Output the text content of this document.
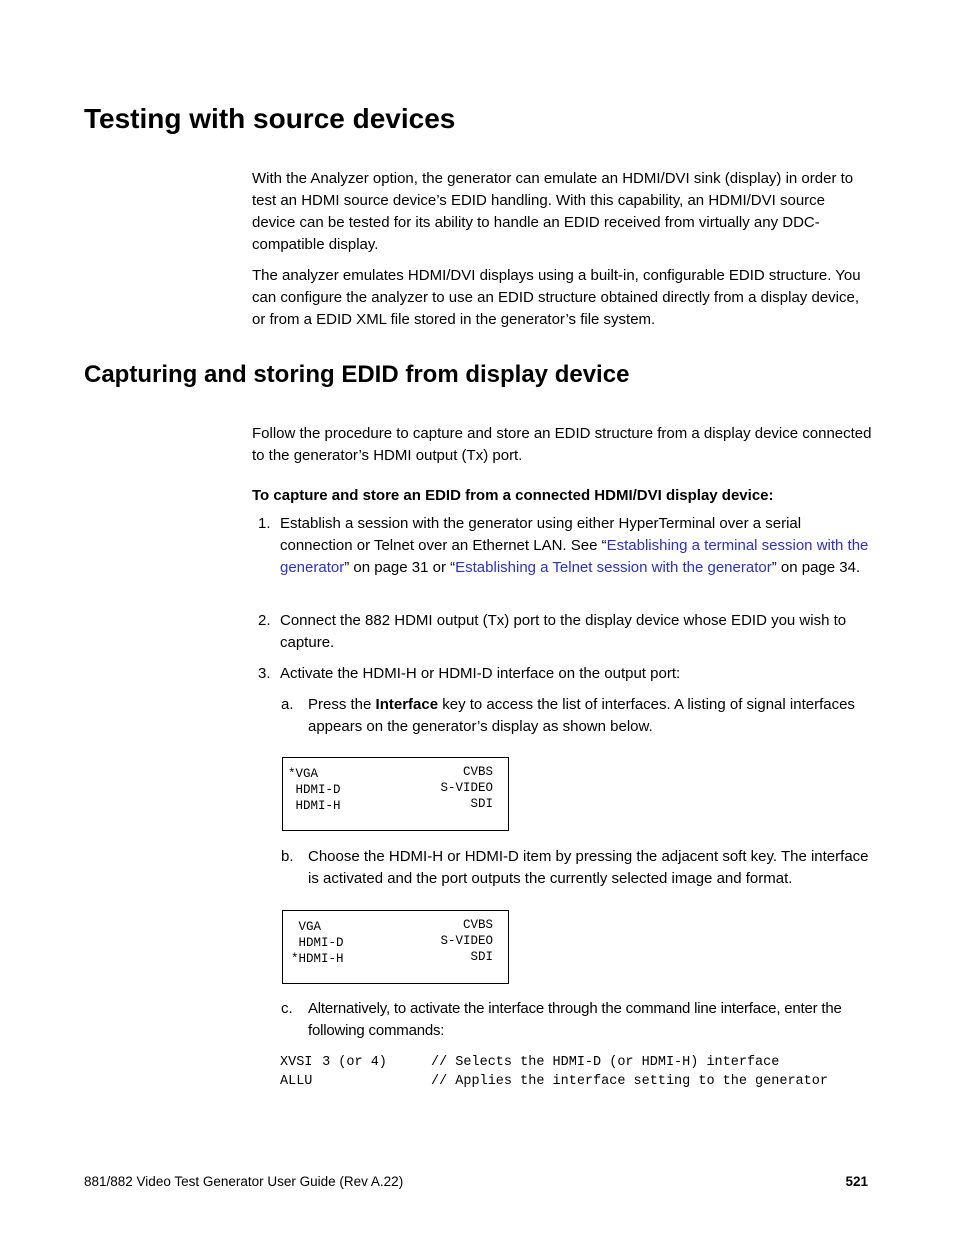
Testing with source devices

With the Analyzer option, the generator can emulate an HDMI/DVI sink (display) in order to test an HDMI source device’s EDID handling. With this capability, an HDMI/DVI source device can be tested for its ability to handle an EDID received from virtually any DDC-compatible display.

The analyzer emulates HDMI/DVI displays using a built-in, configurable EDID structure. You can configure the analyzer to use an EDID structure obtained directly from a display device, or from a EDID XML file stored in the generator’s file system.

Capturing and storing EDID from display device

Follow the procedure to capture and store an EDID structure from a display device connected to the generator’s HDMI output (Tx) port.

To capture and store an EDID from a connected HDMI/DVI display device:

1. Establish a session with the generator using either HyperTerminal over a serial connection or Telnet over an Ethernet LAN. See “Establishing a terminal session with the generator” on page 31 or “Establishing a Telnet session with the generator” on page 34.

2. Connect the 882 HDMI output (Tx) port to the display device whose EDID you wish to capture.

3. Activate the HDMI-H or HDMI-D interface on the output port:

a. Press the Interface key to access the list of interfaces. A listing of signal interfaces appears on the generator’s display as shown below.

*VGA
HDMI-D
HDMI-H
CVBS
S-VIDEO
SDI
b. Choose the HDMI-H or HDMI-D item by pressing the adjacent soft key. The interface is activated and the port outputs the currently selected image and format.

VGA
HDMI-D
*HDMI-H
CVBS
S-VIDEO
SDI
c. Alternatively, to activate the interface through the command line interface, enter the following commands:

XVSI 3 (or 4)	// Selects the HDMI-D (or HDMI-H) interface
ALLU	// Applies the interface setting to the generator
881/882 Video Test Generator User Guide (Rev A.22)	521
